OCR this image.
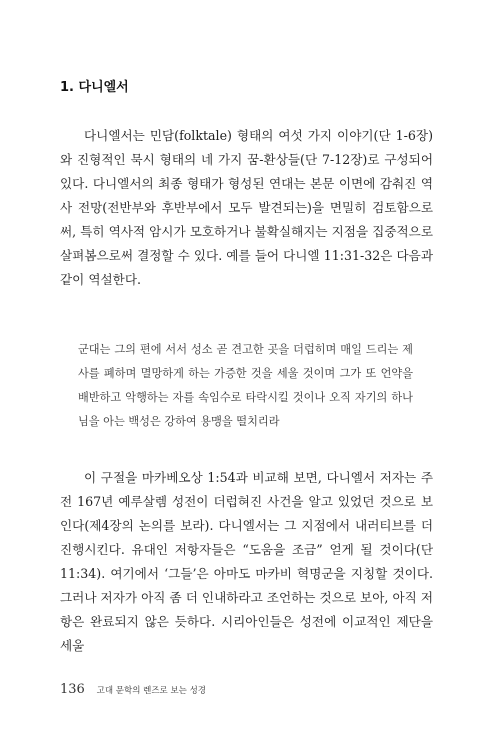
1. 다니엘서

다니엘서는 민담(folktale) 형태의 여섯 가지 이야기(단 1-6장)와 진형적인 묵시 형태의 네 가지 꿈-환상들(단 7-12장)로 구성되어 있다. 다니엘서의 최종 형태가 형성된 연대는 본문 이면에 감춰진 역사 전망(전반부와 후반부에서 모두 발견되는)을 면밀히 검토함으로써, 특히 역사적 암시가 모호하거나 불확실해지는 지점을 집중적으로 살펴봄으로써 결정할 수 있다. 예를 들어 다니엘 11:31-32은 다음과 같이 역설한다.

군대는 그의 편에 서서 성소 곧 견고한 곳을 더럽히며 매일 드리는 제사를 폐하며 멸망하게 하는 가증한 것을 세울 것이며 그가 또 언약을 배반하고 악행하는 자를 속임수로 타락시킬 것이나 오직 자기의 하나님을 아는 백성은 강하여 용맹을 떨치리라

이 구절을 마카베오상 1:54과 비교해 보면, 다니엘서 저자는 주전 167년 예루살렘 성전이 더럽혀진 사건을 알고 있었던 것으로 보인다(제4장의 논의를 보라). 다니엘서는 그 지점에서 내러티브를 더 진행시킨다. 유대인 저항자들은 “도움을 조금” 얻게 될 것이다(단 11:34). 여기에서 ‘그들’은 아마도 마카비 혁명군을 지칭할 것이다. 그러나 저자가 아직 좀 더 인내하라고 조언하는 것으로 보아, 아직 저항은 완료되지 않은 듯하다. 시리아인들은 성전에 이교적인 제단을 세울

136 고대 문학의 렌즈로 보는 성경
